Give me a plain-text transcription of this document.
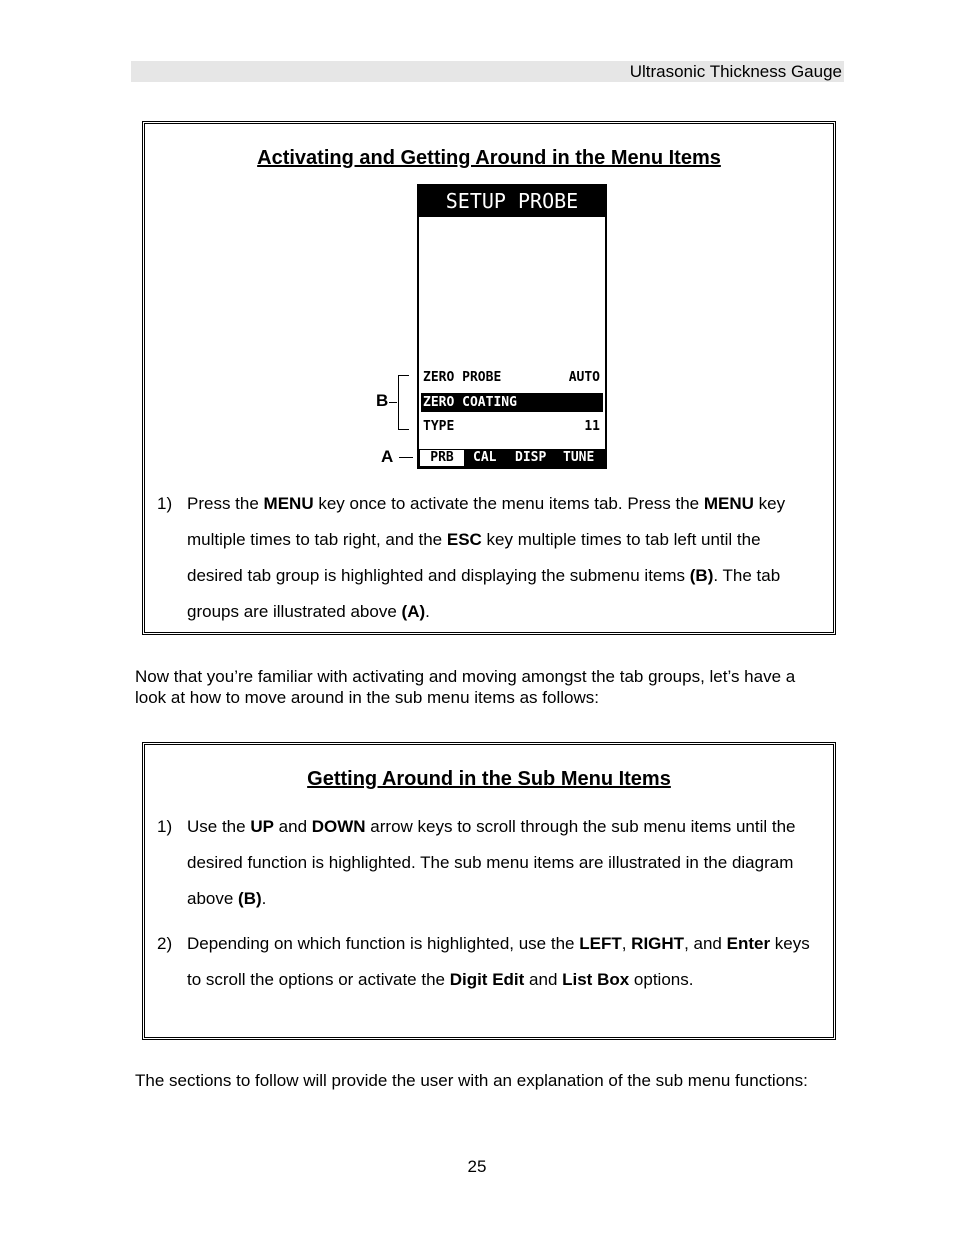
Ultrasonic Thickness Gauge
Activating and Getting Around in the Menu Items
SETUP PROBE
ZERO PROBE	AUTO
ZERO COATING
TYPE	11
PRB	CAL DISP TUNE
B
A
1) Press the MENU key once to activate the menu items tab. Press the MENU key multiple times to tab right, and the ESC key multiple times to tab left until the desired tab group is highlighted and displaying the submenu items (B). The tab groups are illustrated above (A).
Now that you’re familiar with activating and moving amongst the tab groups, let’s have a look at how to move around in the sub menu items as follows:
Getting Around in the Sub Menu Items
1) Use the UP and DOWN arrow keys to scroll through the sub menu items until the desired function is highlighted. The sub menu items are illustrated in the diagram above (B).
2) Depending on which function is highlighted, use the LEFT, RIGHT, and Enter keys to scroll the options or activate the Digit Edit and List Box options.
The sections to follow will provide the user with an explanation of the sub menu functions:
25
